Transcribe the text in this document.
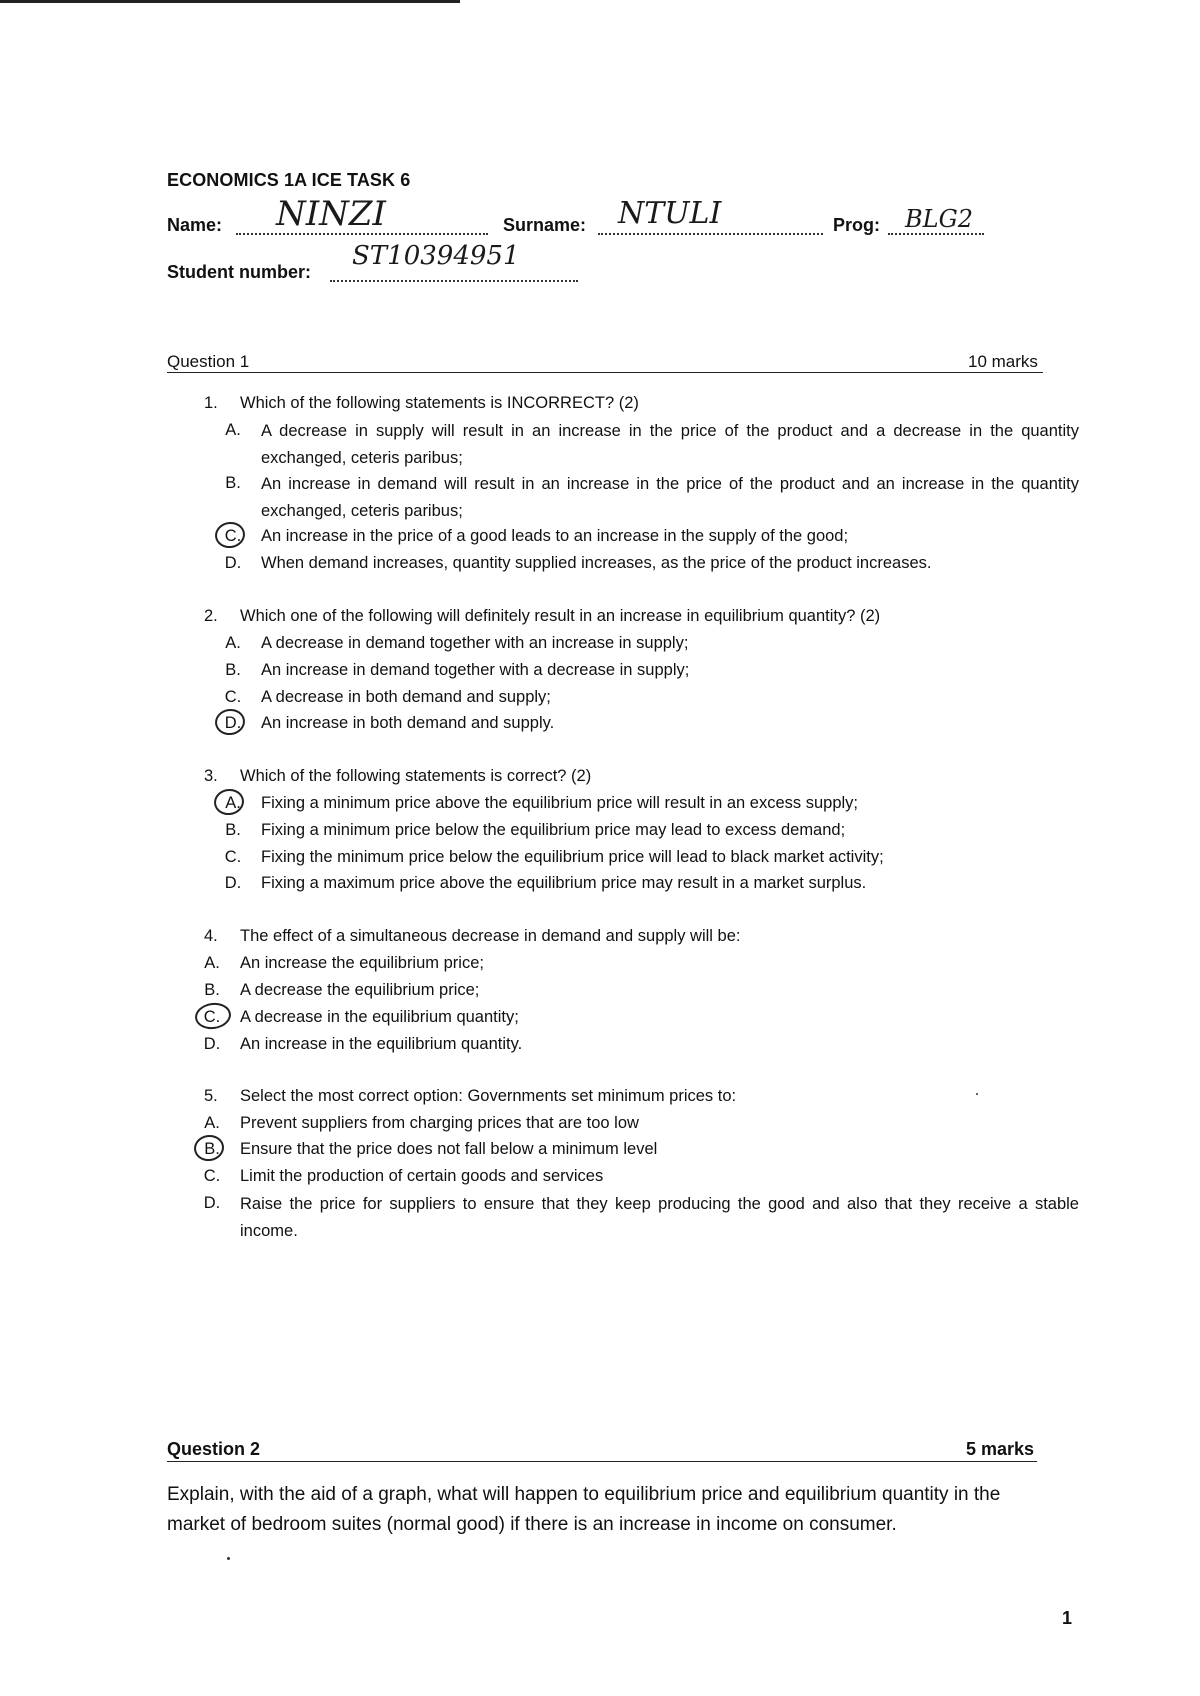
ECONOMICS 1A ICE TASK 6
Name: NINZI	Surname: NTULI	Prog: BLG2
Student number:
ST10394951
Question 1	10 marks
1. Which of the following statements is INCORRECT? (2)
A. A decrease in supply will result in an increase in the price of the product and a decrease in the quantity exchanged, ceteris paribus;
B. An increase in demand will result in an increase in the price of the product and an increase in the quantity exchanged, ceteris paribus;
C. An increase in the price of a good leads to an increase in the supply of the good;
D. When demand increases, quantity supplied increases, as the price of the product increases.
2. Which one of the following will definitely result in an increase in equilibrium quantity? (2)
A. A decrease in demand together with an increase in supply;
B. An increase in demand together with a decrease in supply;
C. A decrease in both demand and supply;
D. An increase in both demand and supply.
3. Which of the following statements is correct? (2)
A. Fixing a minimum price above the equilibrium price will result in an excess supply;
B. Fixing a minimum price below the equilibrium price may lead to excess demand;
C. Fixing the minimum price below the equilibrium price will lead to black market activity;
D. Fixing a maximum price above the equilibrium price may result in a market surplus.
4. The effect of a simultaneous decrease in demand and supply will be:
A. An increase the equilibrium price;
B. A decrease the equilibrium price;
C. A decrease in the equilibrium quantity;
D. An increase in the equilibrium quantity.
5. Select the most correct option: Governments set minimum prices to:
A. Prevent suppliers from charging prices that are too low
B. Ensure that the price does not fall below a minimum level
C. Limit the production of certain goods and services
D. Raise the price for suppliers to ensure that they keep producing the good and also that they receive a stable income.
Question 2	5 marks
Explain, with the aid of a graph, what will happen to equilibrium price and equilibrium quantity in the market of bedroom suites (normal good) if there is an increase in income on consumer.
1
